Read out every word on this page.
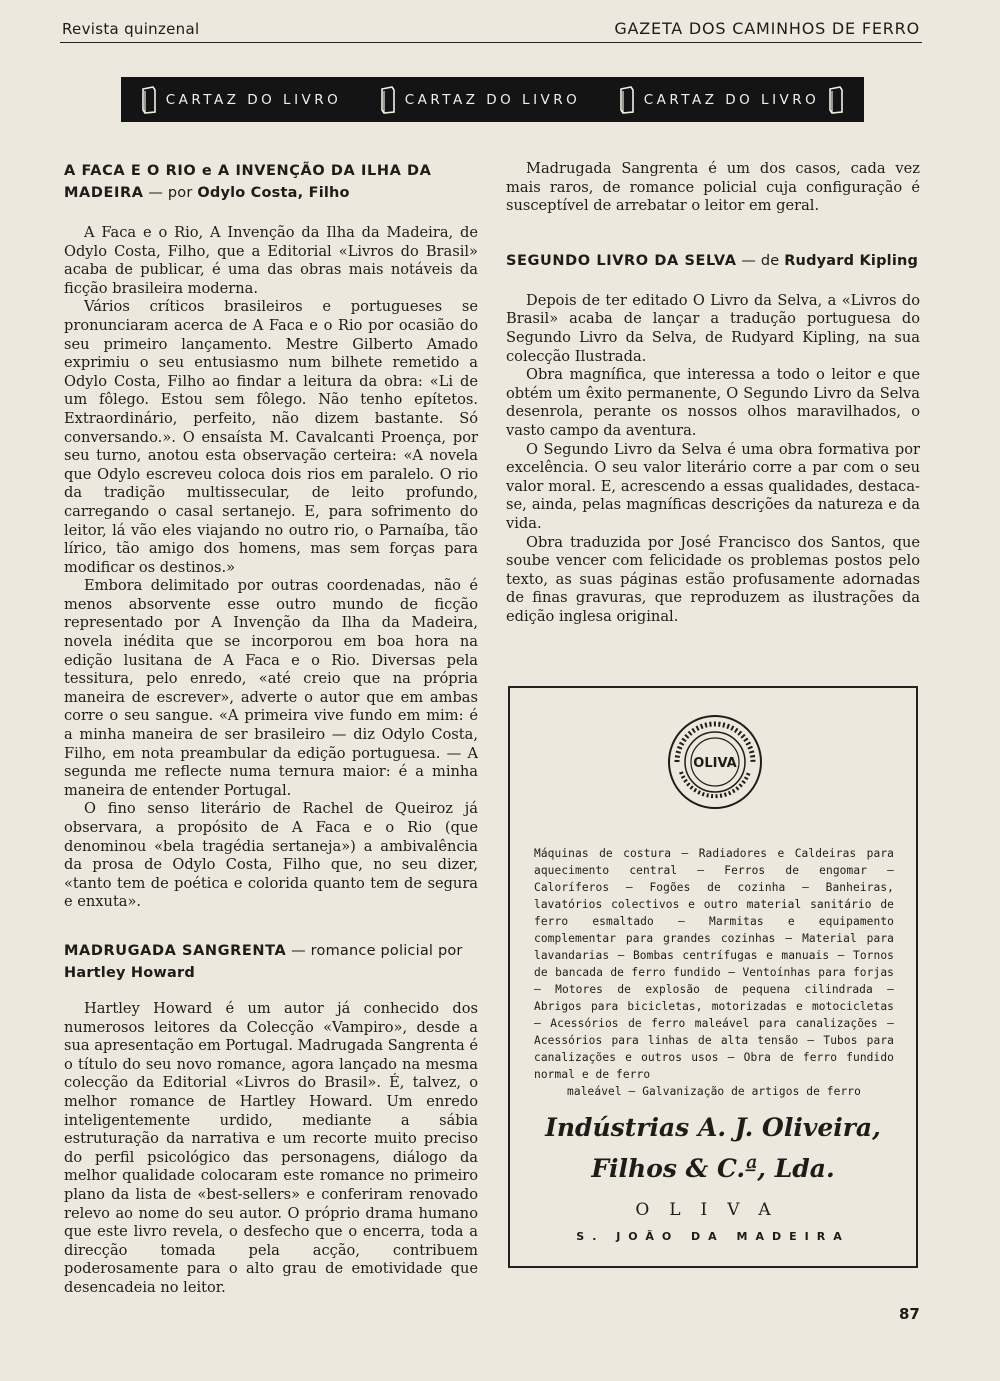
Revista quinzenal	GAZETA DOS CAMINHOS DE FERRO
CARTAZ DO LIVRO	CARTAZ DO LIVRO	CARTAZ DO LIVRO
A FACA E O RIO e A INVENÇÃO DA ILHA DA MADEIRA — por Odylo Costa, Filho

A Faca e o Rio, A Invenção da Ilha da Madeira, de Odylo Costa, Filho, que a Editorial «Livros do Brasil» acaba de publicar, é uma das obras mais notáveis da ficção brasileira moderna.

Vários críticos brasileiros e portugueses se pronunciaram acerca de A Faca e o Rio por ocasião do seu primeiro lançamento. Mestre Gilberto Amado exprimiu o seu entusiasmo num bilhete remetido a Odylo Costa, Filho ao findar a leitura da obra: «Li de um fôlego. Estou sem fôlego. Não tenho epítetos. Extraordinário, perfeito, não dizem bastante. Só conversando.». O ensaísta M. Cavalcanti Proença, por seu turno, anotou esta observação certeira: «A novela que Odylo escreveu coloca dois rios em paralelo. O rio da tradição multissecular, de leito profundo, carregando o casal sertanejo. E, para sofrimento do leitor, lá vão eles viajando no outro rio, o Parnaíba, tão lírico, tão amigo dos homens, mas sem forças para modificar os destinos.»

Embora delimitado por outras coordenadas, não é menos absorvente esse outro mundo de ficção representado por A Invenção da Ilha da Madeira, novela inédita que se incorporou em boa hora na edição lusitana de A Faca e o Rio. Diversas pela tessitura, pelo enredo, «até creio que na própria maneira de escrever», adverte o autor que em ambas corre o seu sangue. «A primeira vive fundo em mim: é a minha maneira de ser brasileiro — diz Odylo Costa, Filho, em nota preambular da edição portuguesa. — A segunda me reflecte numa ternura maior: é a minha maneira de entender Portugal.

O fino senso literário de Rachel de Queiroz já observara, a propósito de A Faca e o Rio (que denominou «bela tragédia sertaneja») a ambivalência da prosa de Odylo Costa, Filho que, no seu dizer, «tanto tem de poética e colorida quanto tem de segura e enxuta».

MADRUGADA SANGRENTA — romance policial por Hartley Howard

Hartley Howard é um autor já conhecido dos numerosos leitores da Colecção «Vampiro», desde a sua apresentação em Portugal. Madrugada Sangrenta é o título do seu novo romance, agora lançado na mesma colecção da Editorial «Livros do Brasil». É, talvez, o melhor romance de Hartley Howard. Um enredo inteligentemente urdido, mediante a sábia estruturação da narrativa e um recorte muito preciso do perfil psicológico das personagens, diálogo da melhor qualidade colocaram este romance no primeiro plano da lista de «best-sellers» e conferiram renovado relevo ao nome do seu autor. O próprio drama humano que este livro revela, o desfecho que o encerra, toda a direcção tomada pela acção, contribuem poderosamente para o alto grau de emotividade que desencadeia no leitor.

Madrugada Sangrenta é um dos casos, cada vez mais raros, de romance policial cuja configuração é susceptível de arrebatar o leitor em geral.

SEGUNDO LIVRO DA SELVA — de Rudyard Kipling

Depois de ter editado O Livro da Selva, a «Livros do Brasil» acaba de lançar a tradução portuguesa do Segundo Livro da Selva, de Rudyard Kipling, na sua colecção Ilustrada.

Obra magnífica, que interessa a todo o leitor e que obtém um êxito permanente, O Segundo Livro da Selva desenrola, perante os nossos olhos maravilhados, o vasto campo da aventura.

O Segundo Livro da Selva é uma obra formativa por excelência. O seu valor literário corre a par com o seu valor moral. E, acrescendo a essas qualidades, destaca-se, ainda, pelas magníficas descrições da natureza e da vida.

Obra traduzida por José Francisco dos Santos, que soube vencer com felicidade os problemas postos pelo texto, as suas páginas estão profusamente adornadas de finas gravuras, que reproduzem as ilustrações da edição inglesa original.

OLIVA
Máquinas de costura — Radiadores e Caldeiras para aquecimento central — Ferros de engomar — Caloríferos — Fogões de cozinha — Banheiras, lavatórios colectivos e outro material sanitário de ferro esmaltado — Marmitas e equipamento complementar para grandes cozinhas — Material para lavandarias — Bombas centrífugas e manuais — Tornos de bancada de ferro fundido — Ventoínhas para forjas — Motores de explosão de pequena cilindrada — Abrigos para bicicletas, motorizadas e motocicletas — Acessórios de ferro maleável para canalizações — Acessórios para linhas de alta tensão — Tubos para canalizações e outros usos — Obra de ferro fundido normal e de ferro
maleável — Galvanização de artigos de ferro
Indústrias A. J. Oliveira,
Filhos & C.ª, Lda.
OLIVA
S. JOÃO DA MADEIRA
87
